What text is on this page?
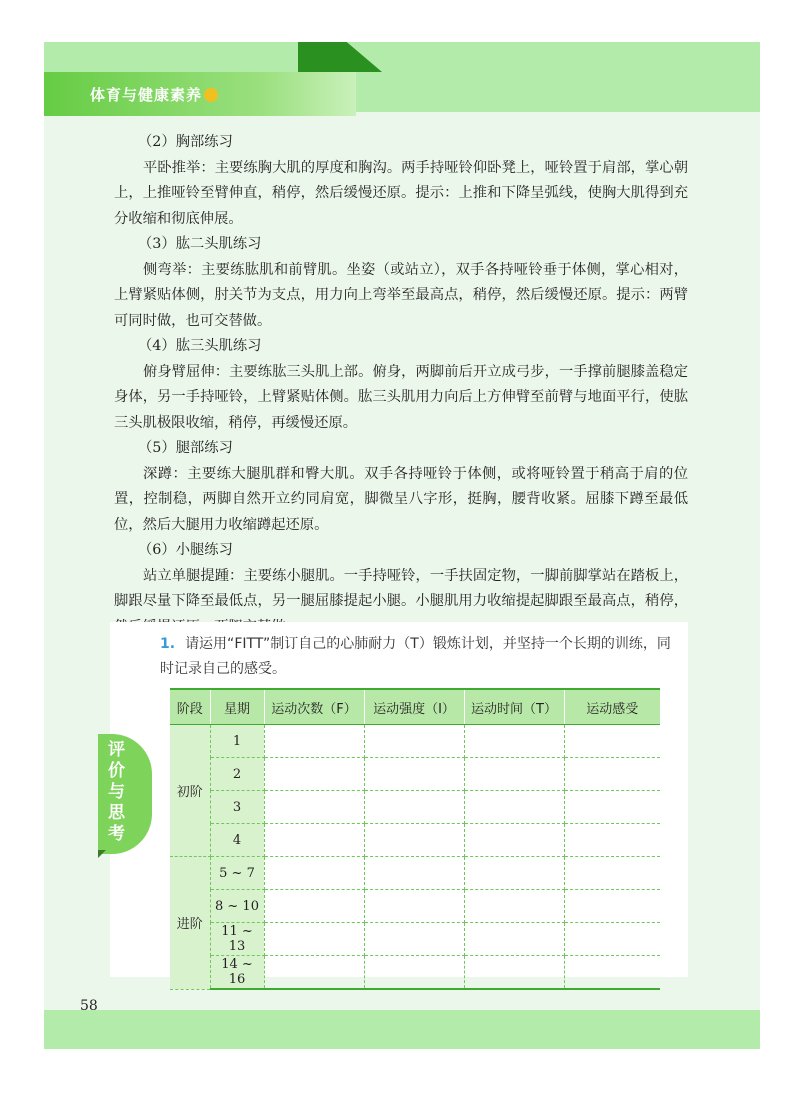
体育与健康素养

（2）胸部练习

平卧推举：主要练胸大肌的厚度和胸沟。两手持哑铃仰卧凳上，哑铃置于肩部，掌心朝上，上推哑铃至臂伸直，稍停，然后缓慢还原。提示：上推和下降呈弧线，使胸大肌得到充分收缩和彻底伸展。

（3）肱二头肌练习

侧弯举：主要练肱肌和前臂肌。坐姿（或站立），双手各持哑铃垂于体侧，掌心相对，上臂紧贴体侧，肘关节为支点，用力向上弯举至最高点，稍停，然后缓慢还原。提示：两臂可同时做，也可交替做。

（4）肱三头肌练习

俯身臂屈伸：主要练肱三头肌上部。俯身，两脚前后开立成弓步，一手撑前腿膝盖稳定身体，另一手持哑铃，上臂紧贴体侧。肱三头肌用力向后上方伸臂至前臂与地面平行，使肱三头肌极限收缩，稍停，再缓慢还原。

（5）腿部练习

深蹲：主要练大腿肌群和臀大肌。双手各持哑铃于体侧，或将哑铃置于稍高于肩的位置，控制稳，两脚自然开立约同肩宽，脚微呈八字形，挺胸，腰背收紧。屈膝下蹲至最低位，然后大腿用力收缩蹲起还原。

（6）小腿练习

站立单腿提踵：主要练小腿肌。一手持哑铃，一手扶固定物，一脚前脚掌站在踏板上，脚跟尽量下降至最低点，另一腿屈膝提起小腿。小腿肌用力收缩提起脚跟至最高点，稍停，

1. 请运用“FITT”制订自己的心肺耐力（T）锻炼计划，并坚持一个长期的训练，同时记录自己的感受。
评价与思考
阶段	星期	运动次数（F）	运动强度（I）	运动时间（T）	运动感受
初阶	1				
	2				
	3				
	4				
进阶	5 ~ 7				
	8 ~ 10				
	11 ~ 13				
	14 ~ 16				
58
